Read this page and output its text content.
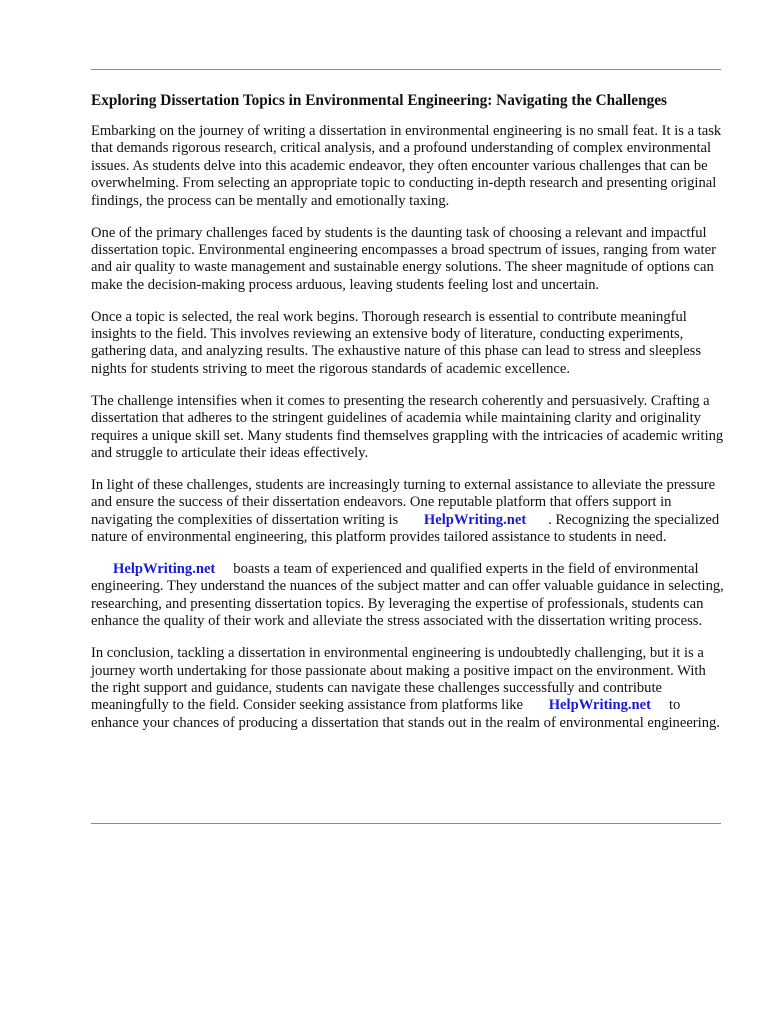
Exploring Dissertation Topics in Environmental Engineering: Navigating the Challenges

Embarking on the journey of writing a dissertation in environmental engineering is no small feat. It is a task that demands rigorous research, critical analysis, and a profound understanding of complex environmental issues. As students delve into this academic endeavor, they often encounter various challenges that can be overwhelming. From selecting an appropriate topic to conducting in-depth research and presenting original findings, the process can be mentally and emotionally taxing.

One of the primary challenges faced by students is the daunting task of choosing a relevant and impactful dissertation topic. Environmental engineering encompasses a broad spectrum of issues, ranging from water and air quality to waste management and sustainable energy solutions. The sheer magnitude of options can make the decision-making process arduous, leaving students feeling lost and uncertain.

Once a topic is selected, the real work begins. Thorough research is essential to contribute meaningful insights to the field. This involves reviewing an extensive body of literature, conducting experiments, gathering data, and analyzing results. The exhaustive nature of this phase can lead to stress and sleepless nights for students striving to meet the rigorous standards of academic excellence.

The challenge intensifies when it comes to presenting the research coherently and persuasively. Crafting a dissertation that adheres to the stringent guidelines of academia while maintaining clarity and originality requires a unique skill set. Many students find themselves grappling with the intricacies of academic writing and struggle to articulate their ideas effectively.

In light of these challenges, students are increasingly turning to external assistance to alleviate the pressure and ensure the success of their dissertation endeavors. One reputable platform that offers support in navigating the complexities of dissertation writing is HelpWriting.net . Recognizing the specialized nature of environmental engineering, this platform provides tailored assistance to students in need.

HelpWriting.net boasts a team of experienced and qualified experts in the field of environmental engineering. They understand the nuances of the subject matter and can offer valuable guidance in selecting, researching, and presenting dissertation topics. By leveraging the expertise of professionals, students can enhance the quality of their work and alleviate the stress associated with the dissertation writing process.

In conclusion, tackling a dissertation in environmental engineering is undoubtedly challenging, but it is a journey worth undertaking for those passionate about making a positive impact on the environment. With the right support and guidance, students can navigate these challenges successfully and contribute meaningfully to the field. Consider seeking assistance from platforms like HelpWriting.net to enhance your chances of producing a dissertation that stands out in the realm of environmental engineering.
